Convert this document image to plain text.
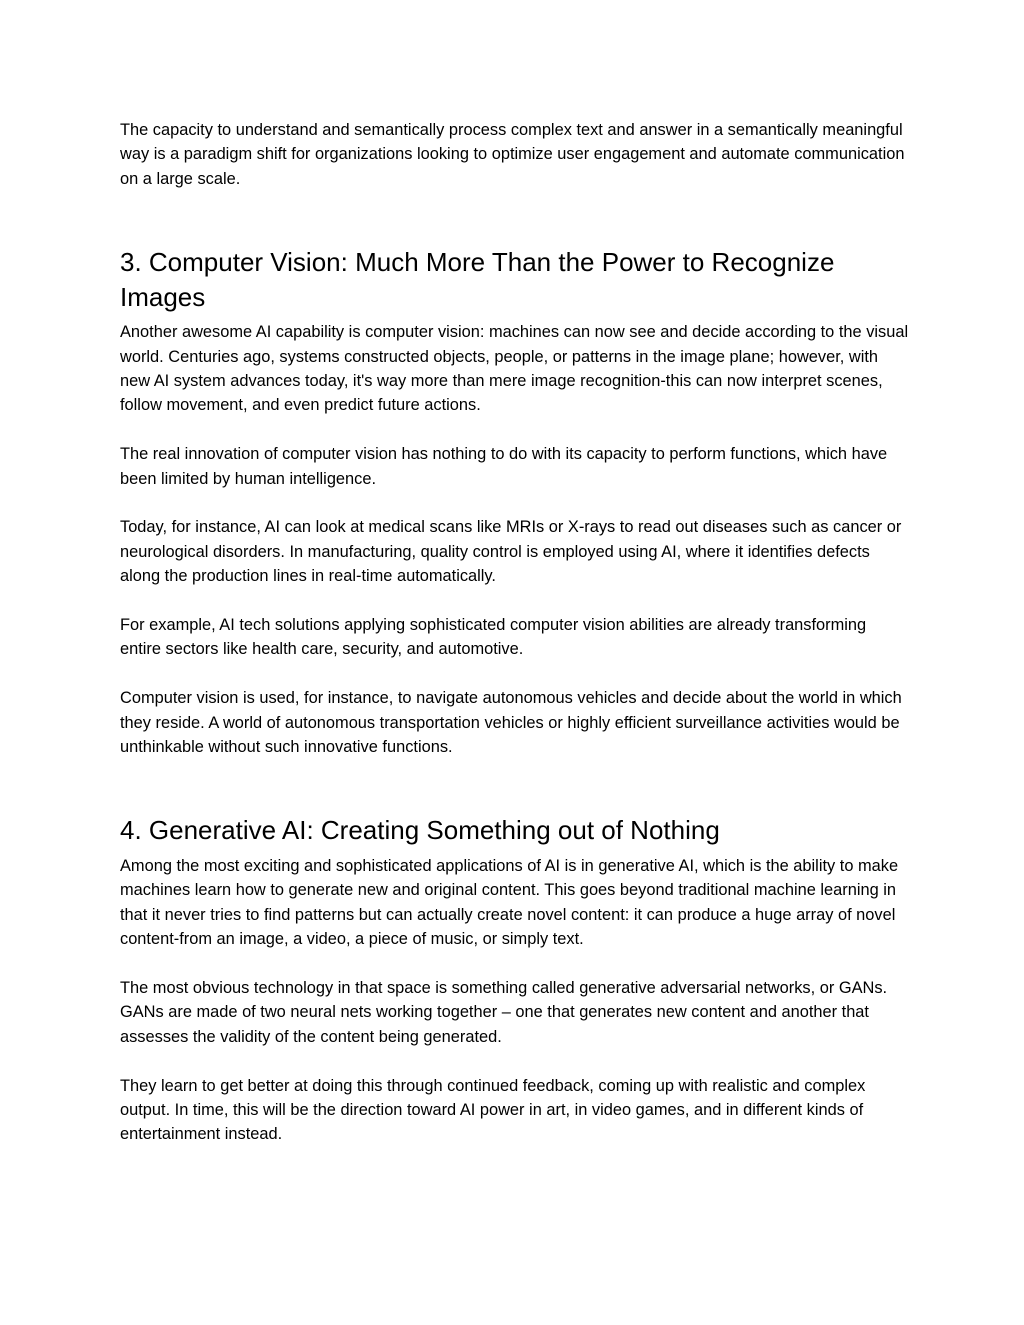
The capacity to understand and semantically process complex text and answer in a semantically meaningful way is a paradigm shift for organizations looking to optimize user engagement and automate communication on a large scale.

3. Computer Vision: Much More Than the Power to Recognize Images

Another awesome AI capability is computer vision: machines can now see and decide according to the visual world. Centuries ago, systems constructed objects, people, or patterns in the image plane; however, with new AI system advances today, it's way more than mere image recognition-this can now interpret scenes, follow movement, and even predict future actions.

The real innovation of computer vision has nothing to do with its capacity to perform functions, which have been limited by human intelligence.

Today, for instance, AI can look at medical scans like MRIs or X-rays to read out diseases such as cancer or neurological disorders. In manufacturing, quality control is employed using AI, where it identifies defects along the production lines in real-time automatically.

For example, AI tech solutions applying sophisticated computer vision abilities are already transforming entire sectors like health care, security, and automotive.

Computer vision is used, for instance, to navigate autonomous vehicles and decide about the world in which they reside. A world of autonomous transportation vehicles or highly efficient surveillance activities would be unthinkable without such innovative functions.

4. Generative AI: Creating Something out of Nothing

Among the most exciting and sophisticated applications of AI is in generative AI, which is the ability to make machines learn how to generate new and original content. This goes beyond traditional machine learning in that it never tries to find patterns but can actually create novel content: it can produce a huge array of novel content-from an image, a video, a piece of music, or simply text.

The most obvious technology in that space is something called generative adversarial networks, or GANs. GANs are made of two neural nets working together – one that generates new content and another that assesses the validity of the content being generated.

They learn to get better at doing this through continued feedback, coming up with realistic and complex output. In time, this will be the direction toward AI power in art, in video games, and in different kinds of entertainment instead.
